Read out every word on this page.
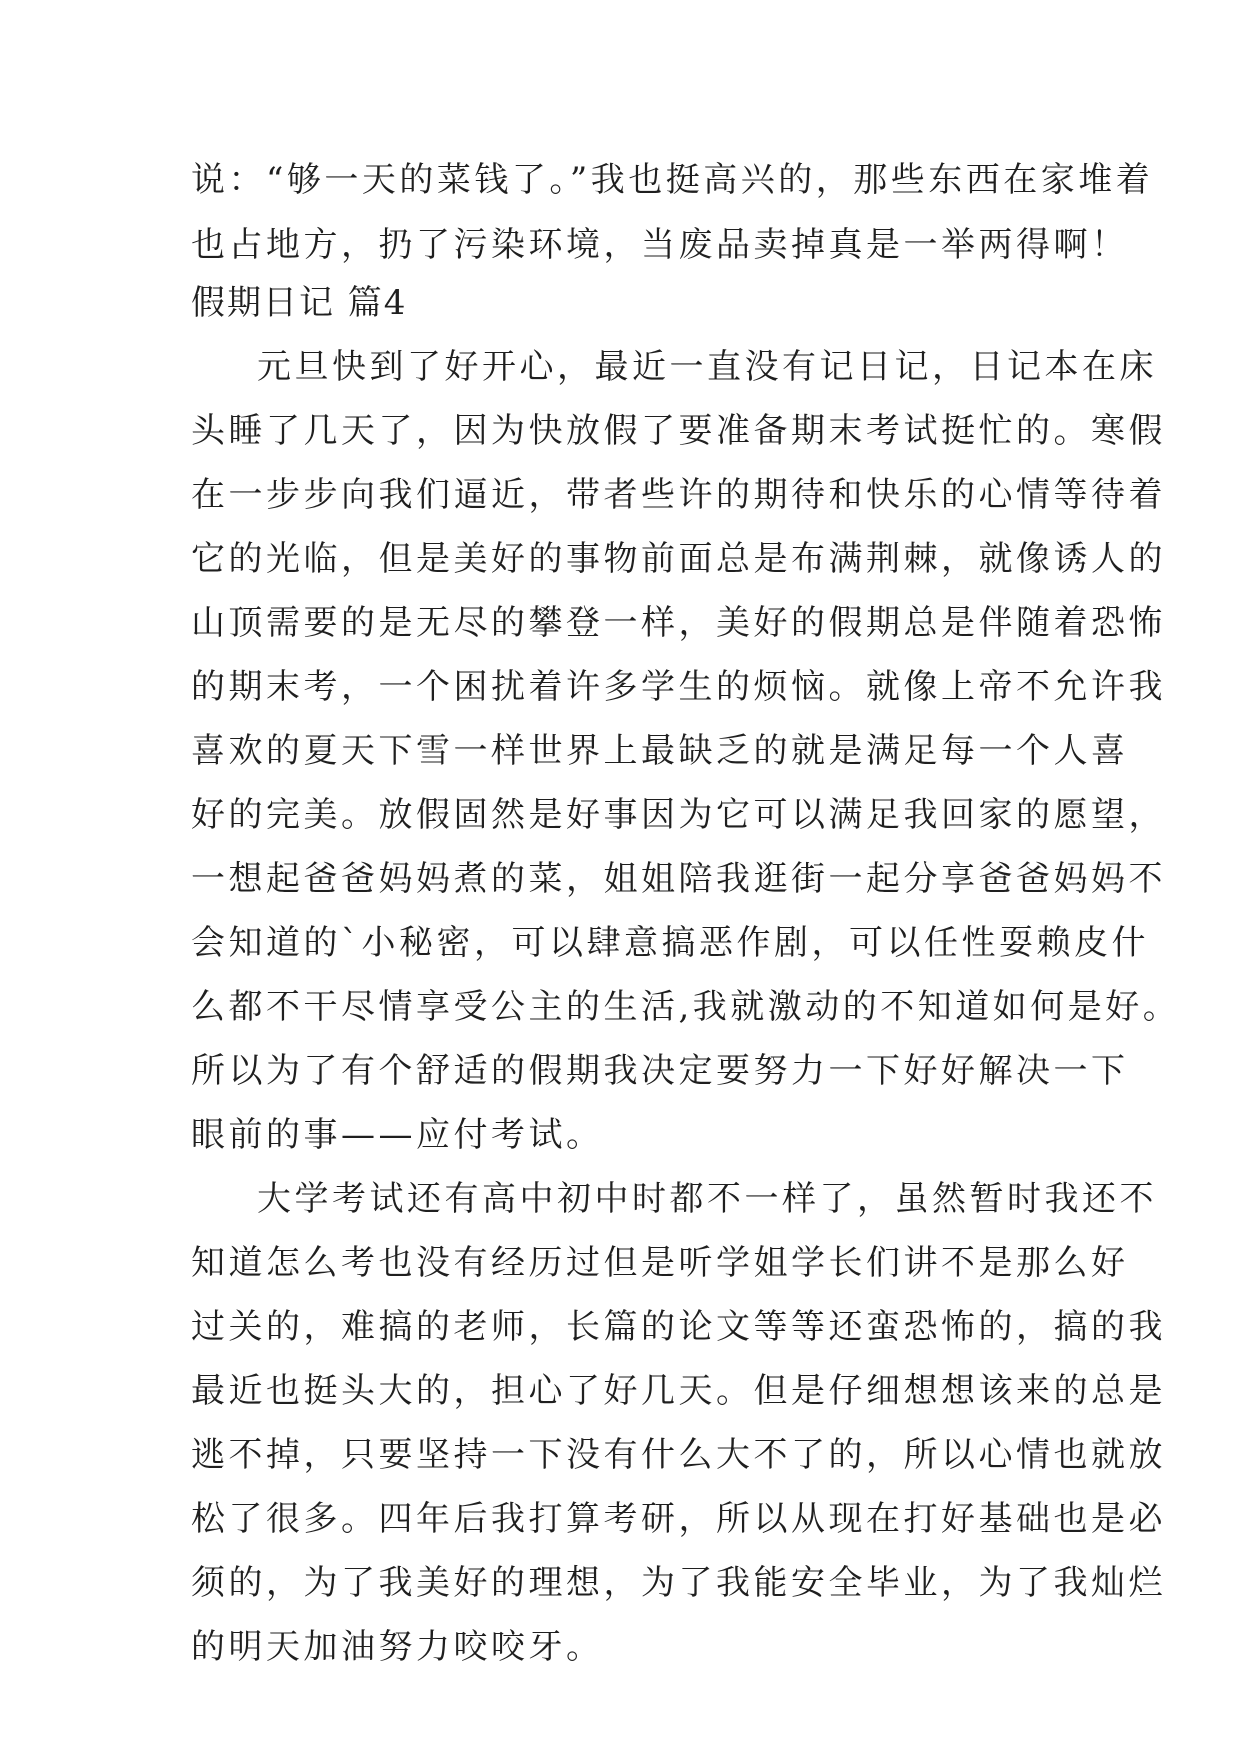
说：“够一天的菜钱了。”我也挺高兴的，那些东西在家堆着
也占地方，扔了污染环境，当废品卖掉真是一举两得啊！
假期日记 篇4
元旦快到了好开心，最近一直没有记日记，日记本在床
头睡了几天了，因为快放假了要准备期末考试挺忙的。寒假
在一步步向我们逼近，带者些许的期待和快乐的心情等待着
它的光临，但是美好的事物前面总是布满荆棘，就像诱人的
山顶需要的是无尽的攀登一样，美好的假期总是伴随着恐怖
的期末考，一个困扰着许多学生的烦恼。就像上帝不允许我
喜欢的夏天下雪一样世界上最缺乏的就是满足每一个人喜
好的完美。放假固然是好事因为它可以满足我回家的愿望，
一想起爸爸妈妈煮的菜，姐姐陪我逛街一起分享爸爸妈妈不
会知道的`小秘密，可以肆意搞恶作剧，可以任性耍赖皮什
么都不干尽情享受公主的生活,我就激动的不知道如何是好。
所以为了有个舒适的假期我决定要努力一下好好解决一下
眼前的事——应付考试。
大学考试还有高中初中时都不一样了，虽然暂时我还不
知道怎么考也没有经历过但是听学姐学长们讲不是那么好
过关的，难搞的老师，长篇的论文等等还蛮恐怖的，搞的我
最近也挺头大的，担心了好几天。但是仔细想想该来的总是
逃不掉，只要坚持一下没有什么大不了的，所以心情也就放
松了很多。四年后我打算考研，所以从现在打好基础也是必
须的，为了我美好的理想，为了我能安全毕业，为了我灿烂
的明天加油努力咬咬牙。
